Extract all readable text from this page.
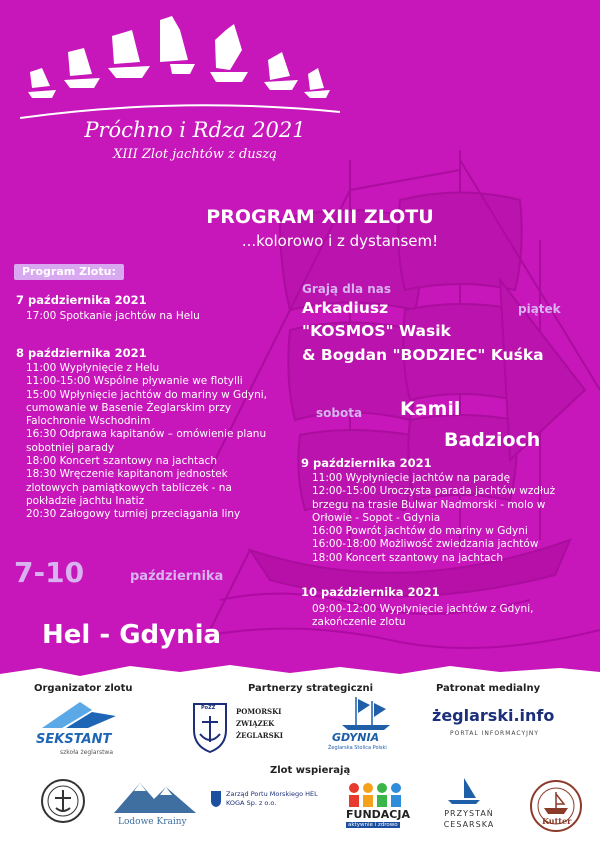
Próchno i Rdza 2021
XIII Zlot jachtów z duszą
PROGRAM XIII ZLOTU
...kolorowo i z dystansem!
Program Zlotu:
7 października 2021
17:00 Spotkanie jachtów na Helu
8 października 2021
11:00 Wypłynięcie z Helu
11:00-15:00 Wspólne pływanie we flotylli
15:00 Wpłynięcie jachtów do mariny w Gdyni,
cumowanie w Basenie Żeglarskim przy
Falochronie Wschodnim
16:30 Odprawa kapitanów – omówienie planu
sobotniej parady
18:00 Koncert szantowy na jachtach
18:30 Wręczenie kapitanom jednostek
zlotowych pamiątkowych tabliczek - na
pokładzie jachtu Inatiz
20:30 Załogowy turniej przeciągania liny
Grają dla nas
Arkadiusz
"KOSMOS" Wasik
& Bogdan "BODZIEC" Kuśka
piątek
sobota Kamil
Badzioch
9 października 2021
11:00 Wypłynięcie jachtów na paradę
12:00-15:00 Uroczysta parada jachtów wzdłuż
brzegu na trasie Bulwar Nadmorski - molo w
Orłowie - Sopot - Gdynia
16:00 Powrót jachtów do mariny w Gdyni
16:00-18:00 Możliwość zwiedzania jachtów
18:00 Koncert szantowy na jachtach
10 października 2021
09:00-12:00 Wypłynięcie jachtów z Gdyni,
zakończenie zlotu
7-10	października
Hel - Gdynia
Organizator zlotu	Partnerzy strategiczni	Patronat medialny
Zlot wspierają
SEKSTANT
szkoła żeglarstwa
PoZZ	POMORSKI
ZWIĄZEK
ŻEGLARSKI	GDYNIA
Żeglarska Stolica Polski
żeglarski.info
PORTAL INFORMACYJNY
Lodowe Krainy
Zarząd Portu Morskiego HEL
KOGA Sp. z o.o.
FUNDACJA
aktywnie i zdrowo
PRZYSTAŃ
CESARSKA	Kutter
